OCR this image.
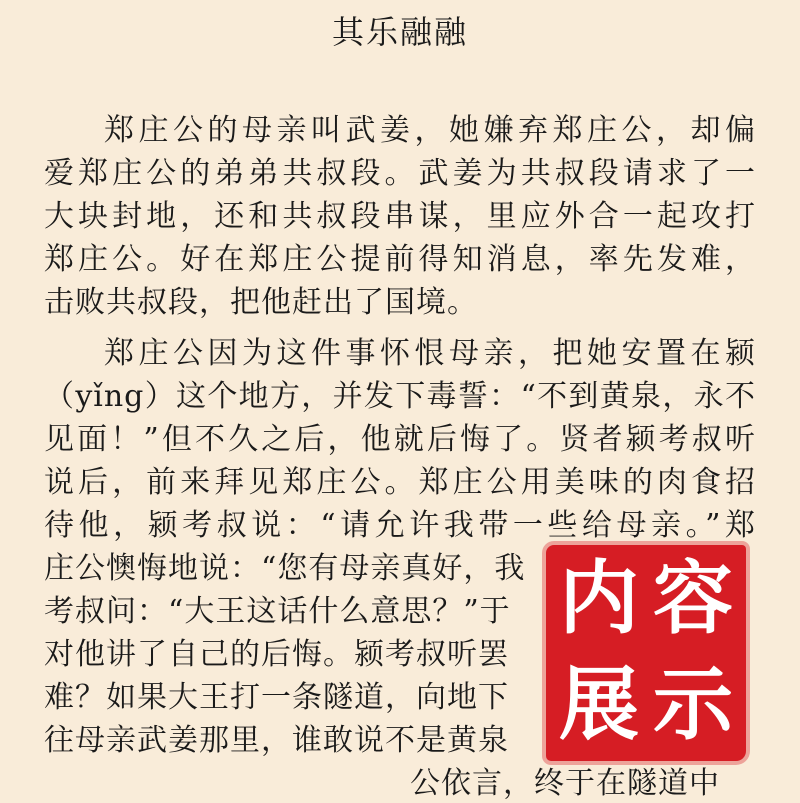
其乐融融
郑庄公的母亲叫武姜，她嫌弃郑庄公，却偏
爱郑庄公的弟弟共叔段。武姜为共叔段请求了一
大块封地，还和共叔段串谋，里应外合一起攻打
郑庄公。好在郑庄公提前得知消息，率先发难，
击败共叔段，把他赶出了国境。
郑庄公因为这件事怀恨母亲，把她安置在颍
（yǐng）这个地方，并发下毒誓：“不到黄泉，永不
见面！”但不久之后，他就后悔了。贤者颍考叔听
说后，前来拜见郑庄公。郑庄公用美味的肉食招
待他，颍考叔说：“请允许我带一些给母亲。”郑
庄公懊悔地说：“您有母亲真好，我
考叔问：“大王这话什么意思？”于
对他讲了自己的后悔。颍考叔听罢
难？如果大王打一条隧道，向地下
往母亲武姜那里，谁敢说不是黄泉
公依言，终于在隧道中
内 容
展 示
